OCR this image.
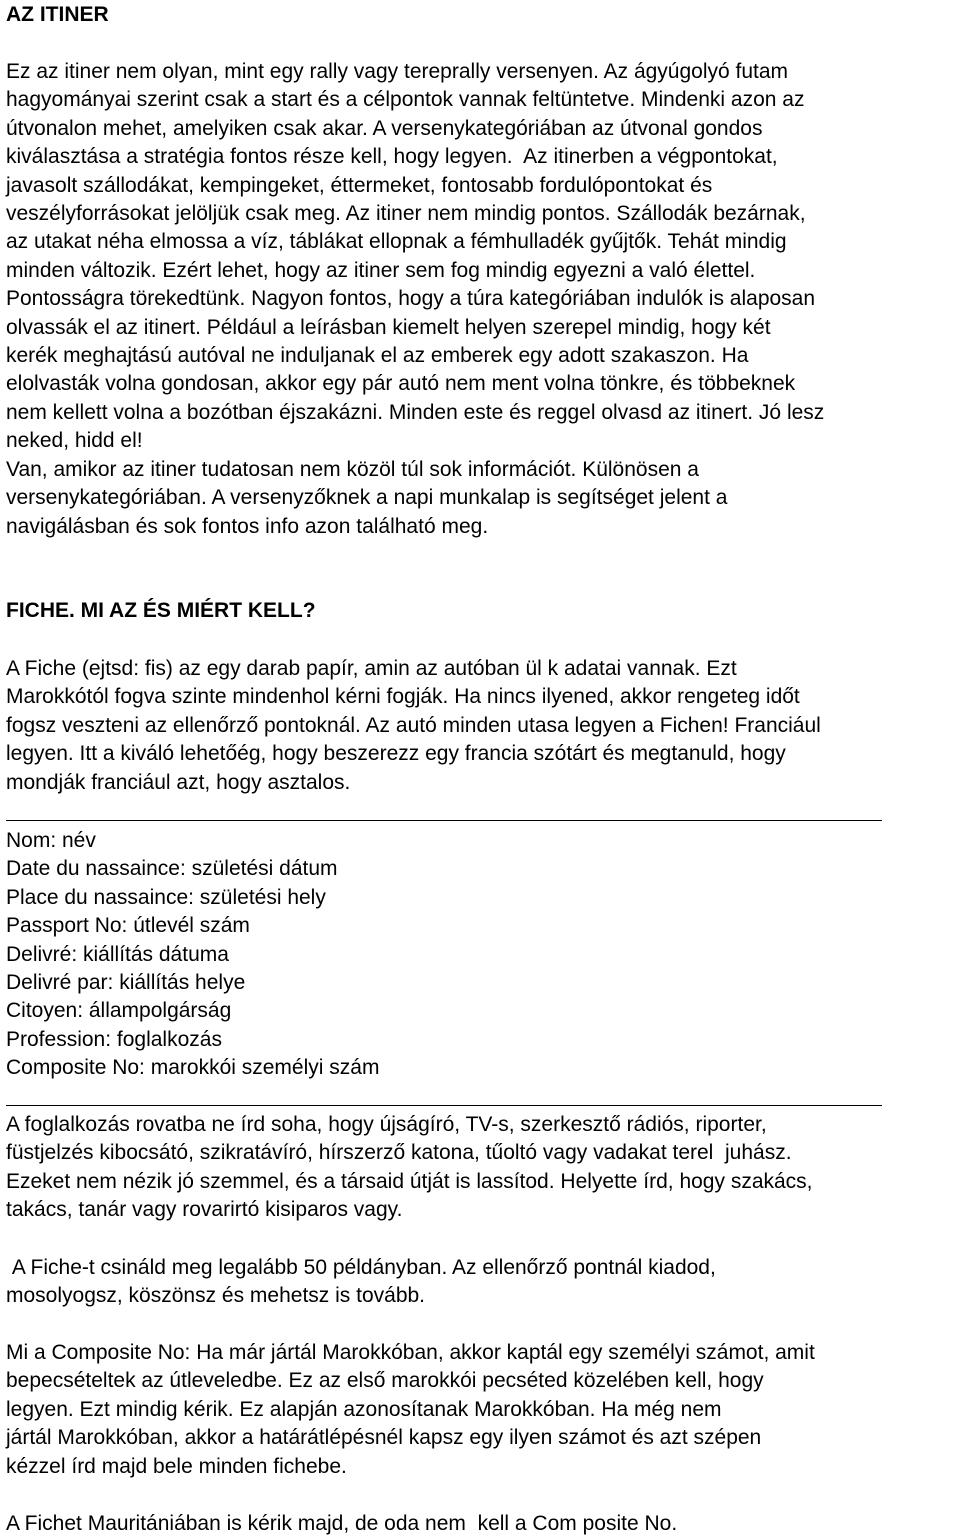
AZ ITINER
Ez az itiner nem olyan, mint egy rally vagy tereprally versenyen. Az ágyúgolyó futam
hagyományai szerint csak a start és a célpontok vannak feltüntetve. Mindenki azon az
útvonalon mehet, amelyiken csak akar. A versenykategóriában az útvonal gondos
kiválasztása a stratégia fontos része kell, hogy legyen.  Az itinerben a végpontokat,
javasolt szállodákat, kempingeket, éttermeket, fontosabb fordulópontokat és
veszélyforrásokat jelöljük csak meg. Az itiner nem mindig pontos. Szállodák bezárnak,
az utakat néha elmossa a víz, táblákat ellopnak a fémhulladék gyűjtők. Tehát mindig
minden változik. Ezért lehet, hogy az itiner sem fog mindig egyezni a való élettel.
Pontosságra törekedtünk. Nagyon fontos, hogy a túra kategóriában indulók is alaposan
olvassák el az itinert. Például a leírásban kiemelt helyen szerepel mindig, hogy két
kerék meghajtású autóval ne induljanak el az emberek egy adott szakaszon. Ha
elolvasták volna gondosan, akkor egy pár autó nem ment volna tönkre, és többeknek
nem kellett volna a bozótban éjszakázni. Minden este és reggel olvasd az itinert. Jó lesz
neked, hidd el!
Van, amikor az itiner tudatosan nem közöl túl sok információt. Különösen a
versenykategóriában. A versenyzőknek a napi munkalap is segítséget jelent a
navigálásban és sok fontos info azon található meg.
FICHE. MI AZ ÉS MIÉRT KELL?
A Fiche (ejtsd: fis) az egy darab papír, amin az autóban ül k adatai vannak. Ezt
Marokkótól fogva szinte mindenhol kérni fogják. Ha nincs ilyened, akkor rengeteg időt
fogsz veszteni az ellenőrző pontoknál. Az autó minden utasa legyen a Fichen! Franciául
legyen. Itt a kiváló lehetőég, hogy beszerezz egy francia szótárt és megtanuld, hogy
mondják franciául azt, hogy asztalos.
Nom: név
Date du nassaince: születési dátum
Place du nassaince: születési hely
Passport No: útlevél szám
Delivré: kiállítás dátuma
Delivré par: kiállítás helye
Citoyen: állampolgárság
Profession: foglalkozás
Composite No: marokkói személyi szám
A foglalkozás rovatba ne írd soha, hogy újságíró, TV-s, szerkesztő rádiós, riporter,
füstjelzés kibocsátó, szikratávíró, hírszerző katona, tűoltó vagy vadakat terel  juhász.
Ezeket nem nézik jó szemmel, és a társaid útját is lassítod. Helyette írd, hogy szakács,
takács, tanár vagy rovarirtó kisiparos vagy.
A Fiche-t csináld meg legalább 50 példányban. Az ellenőrző pontnál kiadod,
mosolyogsz, köszönsz és mehetsz is tovább.
Mi a Composite No: Ha már jártál Marokkóban, akkor kaptál egy személyi számot, amit
bepecsételtek az útleveledbe. Ez az első marokkói pecséted közelében kell, hogy
legyen. Ezt mindig kérik. Ez alapján azonosítanak Marokkóban. Ha még nem
jártál Marokkóban, akkor a határátlépésnél kapsz egy ilyen számot és azt szépen
kézzel írd majd bele minden fichebe.
A Fichet Mauritániában is kérik majd, de oda nem  kell a Com posite No.
